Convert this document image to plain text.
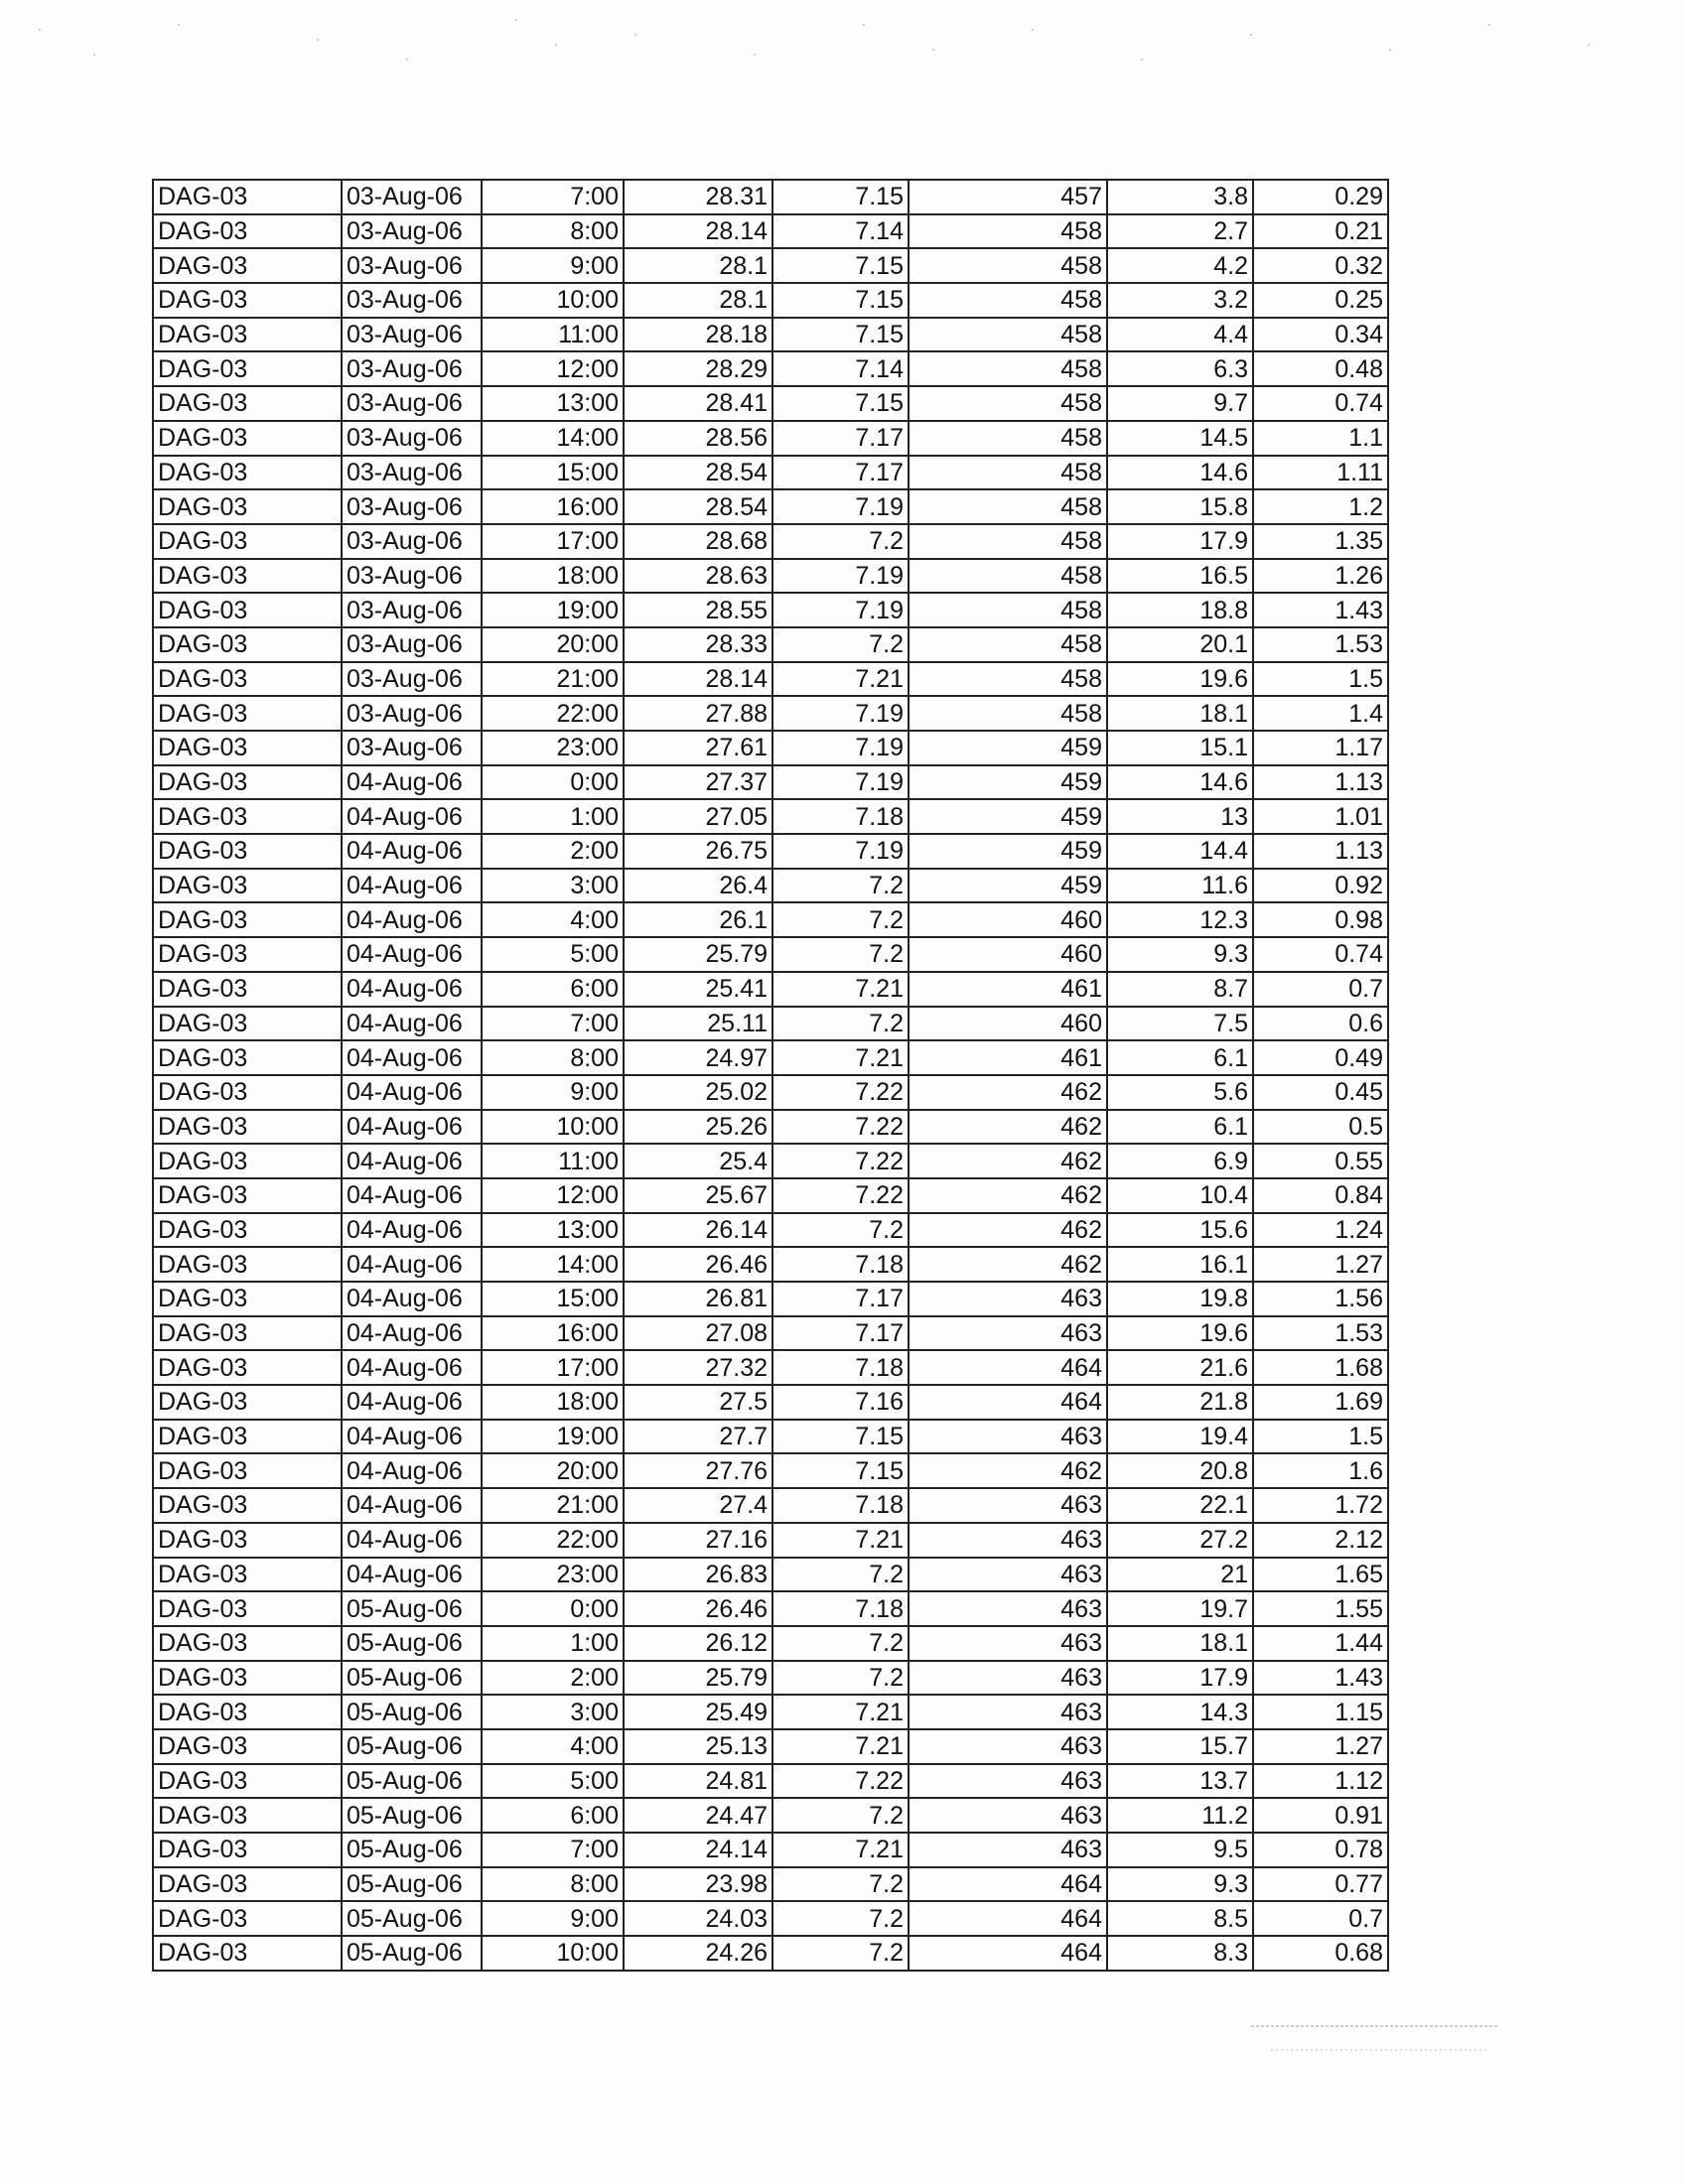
DAG-03	03-Aug-06	7:00	28.31	7.15	457	3.8	0.29
DAG-03	03-Aug-06	8:00	28.14	7.14	458	2.7	0.21
DAG-03	03-Aug-06	9:00	28.1	7.15	458	4.2	0.32
DAG-03	03-Aug-06	10:00	28.1	7.15	458	3.2	0.25
DAG-03	03-Aug-06	11:00	28.18	7.15	458	4.4	0.34
DAG-03	03-Aug-06	12:00	28.29	7.14	458	6.3	0.48
DAG-03	03-Aug-06	13:00	28.41	7.15	458	9.7	0.74
DAG-03	03-Aug-06	14:00	28.56	7.17	458	14.5	1.1
DAG-03	03-Aug-06	15:00	28.54	7.17	458	14.6	1.11
DAG-03	03-Aug-06	16:00	28.54	7.19	458	15.8	1.2
DAG-03	03-Aug-06	17:00	28.68	7.2	458	17.9	1.35
DAG-03	03-Aug-06	18:00	28.63	7.19	458	16.5	1.26
DAG-03	03-Aug-06	19:00	28.55	7.19	458	18.8	1.43
DAG-03	03-Aug-06	20:00	28.33	7.2	458	20.1	1.53
DAG-03	03-Aug-06	21:00	28.14	7.21	458	19.6	1.5
DAG-03	03-Aug-06	22:00	27.88	7.19	458	18.1	1.4
DAG-03	03-Aug-06	23:00	27.61	7.19	459	15.1	1.17
DAG-03	04-Aug-06	0:00	27.37	7.19	459	14.6	1.13
DAG-03	04-Aug-06	1:00	27.05	7.18	459	13	1.01
DAG-03	04-Aug-06	2:00	26.75	7.19	459	14.4	1.13
DAG-03	04-Aug-06	3:00	26.4	7.2	459	11.6	0.92
DAG-03	04-Aug-06	4:00	26.1	7.2	460	12.3	0.98
DAG-03	04-Aug-06	5:00	25.79	7.2	460	9.3	0.74
DAG-03	04-Aug-06	6:00	25.41	7.21	461	8.7	0.7
DAG-03	04-Aug-06	7:00	25.11	7.2	460	7.5	0.6
DAG-03	04-Aug-06	8:00	24.97	7.21	461	6.1	0.49
DAG-03	04-Aug-06	9:00	25.02	7.22	462	5.6	0.45
DAG-03	04-Aug-06	10:00	25.26	7.22	462	6.1	0.5
DAG-03	04-Aug-06	11:00	25.4	7.22	462	6.9	0.55
DAG-03	04-Aug-06	12:00	25.67	7.22	462	10.4	0.84
DAG-03	04-Aug-06	13:00	26.14	7.2	462	15.6	1.24
DAG-03	04-Aug-06	14:00	26.46	7.18	462	16.1	1.27
DAG-03	04-Aug-06	15:00	26.81	7.17	463	19.8	1.56
DAG-03	04-Aug-06	16:00	27.08	7.17	463	19.6	1.53
DAG-03	04-Aug-06	17:00	27.32	7.18	464	21.6	1.68
DAG-03	04-Aug-06	18:00	27.5	7.16	464	21.8	1.69
DAG-03	04-Aug-06	19:00	27.7	7.15	463	19.4	1.5
DAG-03	04-Aug-06	20:00	27.76	7.15	462	20.8	1.6
DAG-03	04-Aug-06	21:00	27.4	7.18	463	22.1	1.72
DAG-03	04-Aug-06	22:00	27.16	7.21	463	27.2	2.12
DAG-03	04-Aug-06	23:00	26.83	7.2	463	21	1.65
DAG-03	05-Aug-06	0:00	26.46	7.18	463	19.7	1.55
DAG-03	05-Aug-06	1:00	26.12	7.2	463	18.1	1.44
DAG-03	05-Aug-06	2:00	25.79	7.2	463	17.9	1.43
DAG-03	05-Aug-06	3:00	25.49	7.21	463	14.3	1.15
DAG-03	05-Aug-06	4:00	25.13	7.21	463	15.7	1.27
DAG-03	05-Aug-06	5:00	24.81	7.22	463	13.7	1.12
DAG-03	05-Aug-06	6:00	24.47	7.2	463	11.2	0.91
DAG-03	05-Aug-06	7:00	24.14	7.21	463	9.5	0.78
DAG-03	05-Aug-06	8:00	23.98	7.2	464	9.3	0.77
DAG-03	05-Aug-06	9:00	24.03	7.2	464	8.5	0.7
DAG-03	05-Aug-06	10:00	24.26	7.2	464	8.3	0.68
